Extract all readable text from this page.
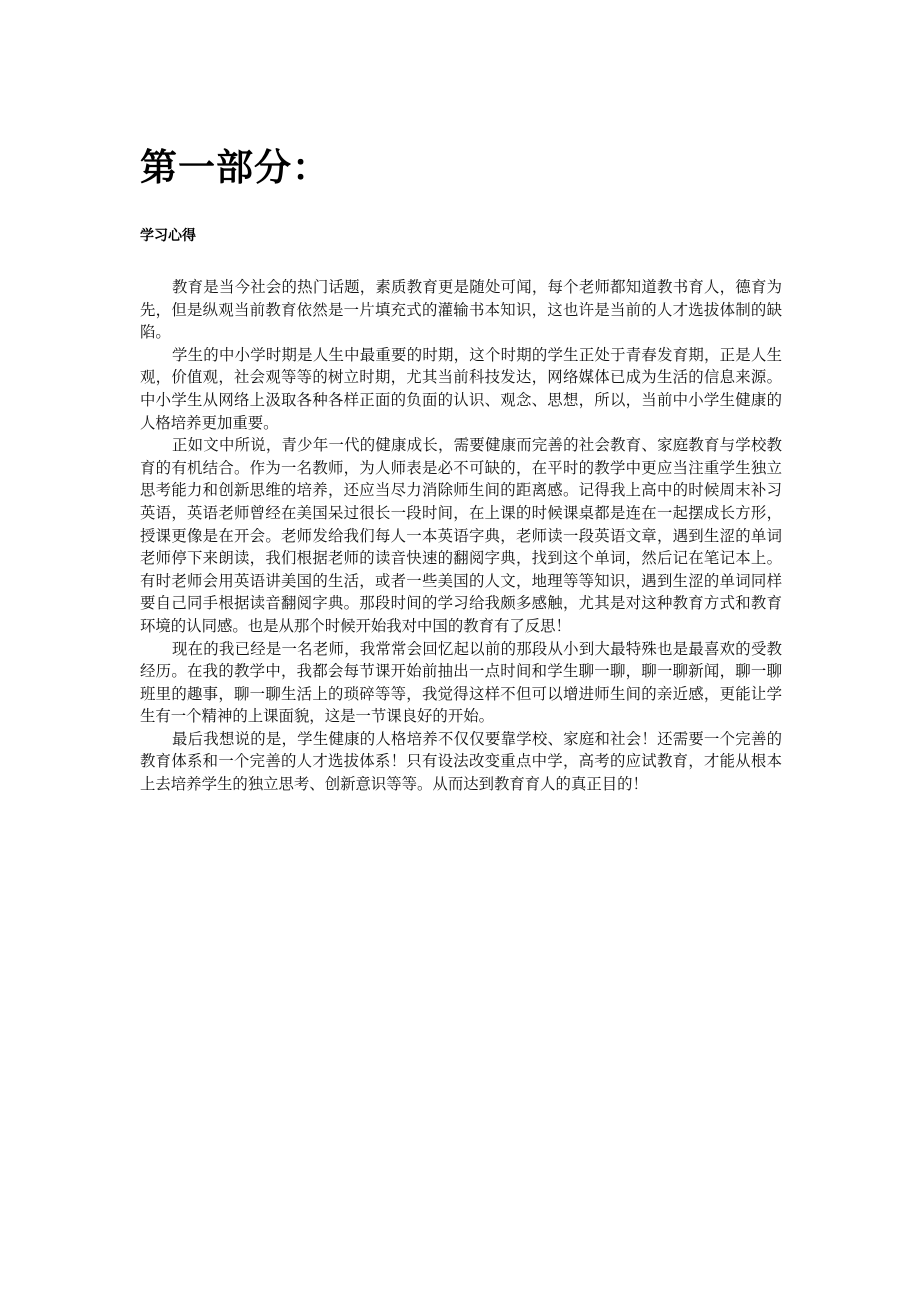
第一部分：
学习心得

教育是当今社会的热门话题，素质教育更是随处可闻，每个老师都知道教书育人，德育为先，但是纵观当前教育依然是一片填充式的灌输书本知识，这也许是当前的人才选拔体制的缺陷。

学生的中小学时期是人生中最重要的时期，这个时期的学生正处于青春发育期，正是人生观，价值观，社会观等等的树立时期，尤其当前科技发达，网络媒体已成为生活的信息来源。中小学生从网络上汲取各种各样正面的负面的认识、观念、思想，所以，当前中小学生健康的人格培养更加重要。

正如文中所说，青少年一代的健康成长，需要健康而完善的社会教育、家庭教育与学校教育的有机结合。作为一名教师，为人师表是必不可缺的，在平时的教学中更应当注重学生独立思考能力和创新思维的培养，还应当尽力消除师生间的距离感。记得我上高中的时候周末补习英语，英语老师曾经在美国呆过很长一段时间，在上课的时候课桌都是连在一起摆成长方形，授课更像是在开会。老师发给我们每人一本英语字典，老师读一段英语文章，遇到生涩的单词老师停下来朗读，我们根据老师的读音快速的翻阅字典，找到这个单词，然后记在笔记本上。有时老师会用英语讲美国的生活，或者一些美国的人文，地理等等知识，遇到生涩的单词同样要自己同手根据读音翻阅字典。那段时间的学习给我颇多感触，尤其是对这种教育方式和教育环境的认同感。也是从那个时候开始我对中国的教育有了反思！

现在的我已经是一名老师，我常常会回忆起以前的那段从小到大最特殊也是最喜欢的受教经历。在我的教学中，我都会每节课开始前抽出一点时间和学生聊一聊，聊一聊新闻，聊一聊班里的趣事，聊一聊生活上的琐碎等等，我觉得这样不但可以增进师生间的亲近感，更能让学生有一个精神的上课面貌，这是一节课良好的开始。

最后我想说的是，学生健康的人格培养不仅仅要靠学校、家庭和社会！还需要一个完善的教育体系和一个完善的人才选拔体系！只有设法改变重点中学，高考的应试教育，才能从根本上去培养学生的独立思考、创新意识等等。从而达到教育育人的真正目的！
